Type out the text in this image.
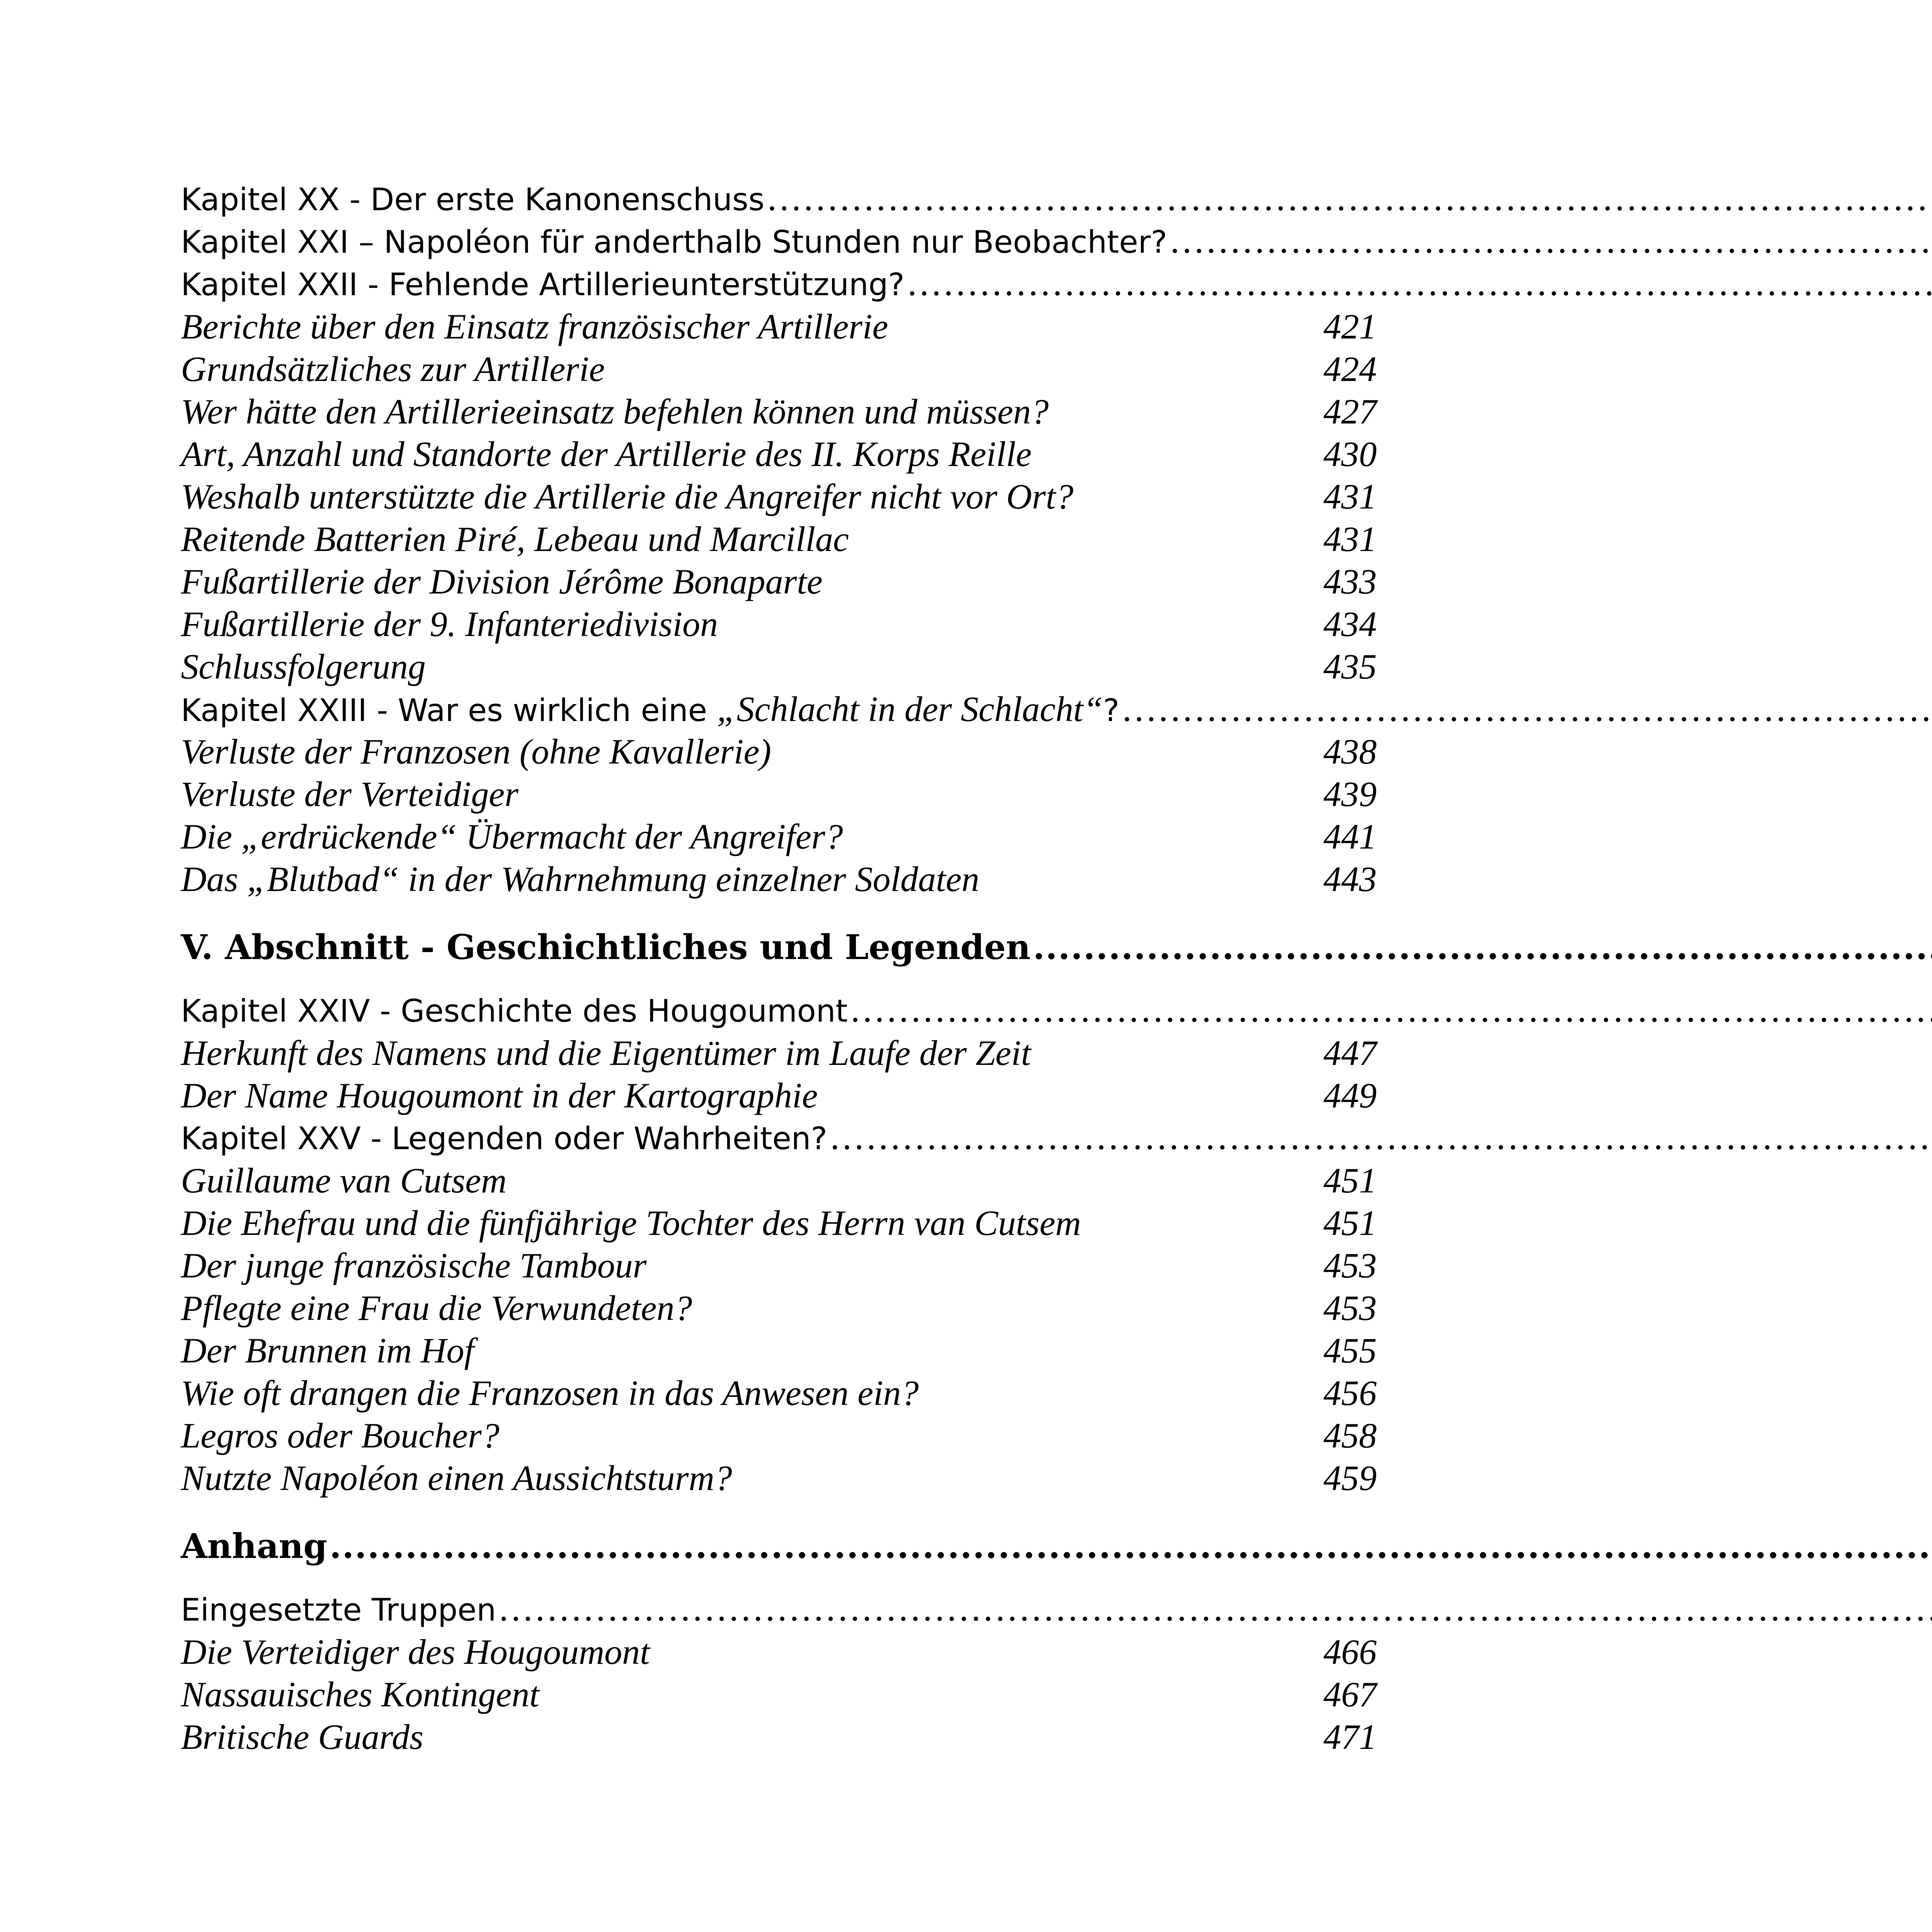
Kapitel XX - Der erste Kanonenschuss
.....
Kapitel XXI – Napoléon für anderthalb Stunden nur Beobachter?
.....
Kapitel XXII - Fehlende Artillerieunterstützung?
.....
Berichte über den Einsatz französischer Artillerie	421
Grundsätzliches zur Artillerie	424
Wer hätte den Artillerieeinsatz befehlen können und müssen?	427
Art, Anzahl und Standorte der Artillerie des II. Korps Reille	430
Weshalb unterstützte die Artillerie die Angreifer nicht vor Ort?	431
Reitende Batterien Piré, Lebeau und Marcillac	431
Fußartillerie der Division Jérôme Bonaparte	433
Fußartillerie der 9. Infanteriedivision	434
Schlussfolgerung	435
Kapitel XXIII - War es wirklich eine „Schlacht in der Schlacht“?
.....
Verluste der Franzosen (ohne Kavallerie)	438
Verluste der Verteidiger	439
Die „erdrückende“ Übermacht der Angreifer?	441
Das „Blutbad“ in der Wahrnehmung einzelner Soldaten	443
V. Abschnitt - Geschichtliches und Legenden
.....
Kapitel XXIV - Geschichte des Hougoumont
.....
Herkunft des Namens und die Eigentümer im Laufe der Zeit	447
Der Name Hougoumont in der Kartographie	449
Kapitel XXV - Legenden oder Wahrheiten?
.....
Guillaume van Cutsem	451
Die Ehefrau und die fünfjährige Tochter des Herrn van Cutsem	451
Der junge französische Tambour	453
Pflegte eine Frau die Verwundeten?	453
Der Brunnen im Hof	455
Wie oft drangen die Franzosen in das Anwesen ein?	456
Legros oder Boucher?	458
Nutzte Napoléon einen Aussichtsturm?	459
Anhang
.....
Eingesetzte Truppen
.....
Die Verteidiger des Hougoumont	466
Nassauisches Kontingent	467
Britische Guards	471
